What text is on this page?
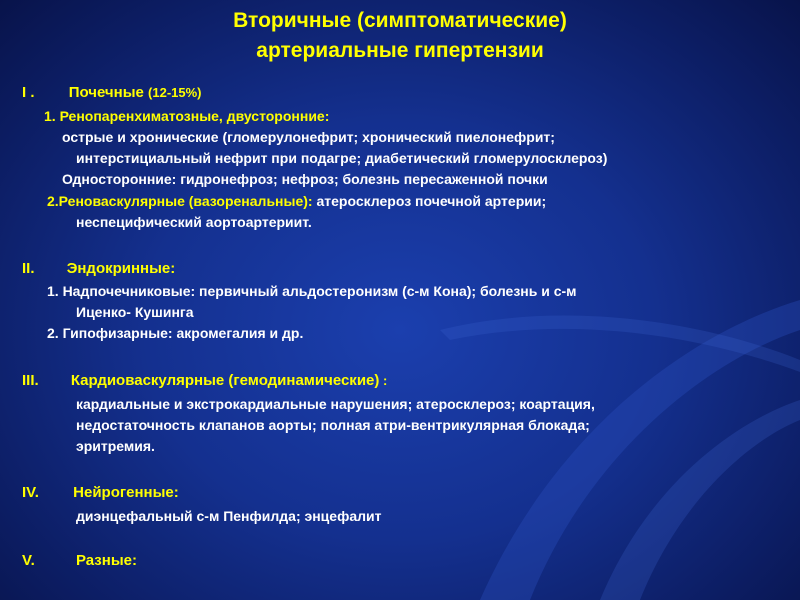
Вторичные (симптоматические)
артериальные гипертензии
I . Почечные (12-15%)
1. Ренопаренхиматозные, двусторонние:
острые и хронические (гломерулонефрит; хронический пиелонефрит;
интерстициальный нефрит при подагре; диабетический гломерулосклероз)
Односторонние: гидронефроз; нефроз; болезнь пересаженной почки
2.Реноваскулярные (вазоренальные): атеросклероз почечной артерии;
неспецифический аортоартериит.
II. Эндокринные:
1. Надпочечниковые: первичный альдостеронизм (с-м Кона); болезнь и с-м
Иценко- Кушинга
2. Гипофизарные: акромегалия и др.
III. Кардиоваскулярные (гемодинамические) :
кардиальные и экстрокардиальные нарушения; атеросклероз; коартация,
недостаточность клапанов аорты; полная атри-вентрикулярная блокада;
эритремия.
IV. Нейрогенные:
диэнцефальный с-м Пенфилда; энцефалит
V.	Разные:
